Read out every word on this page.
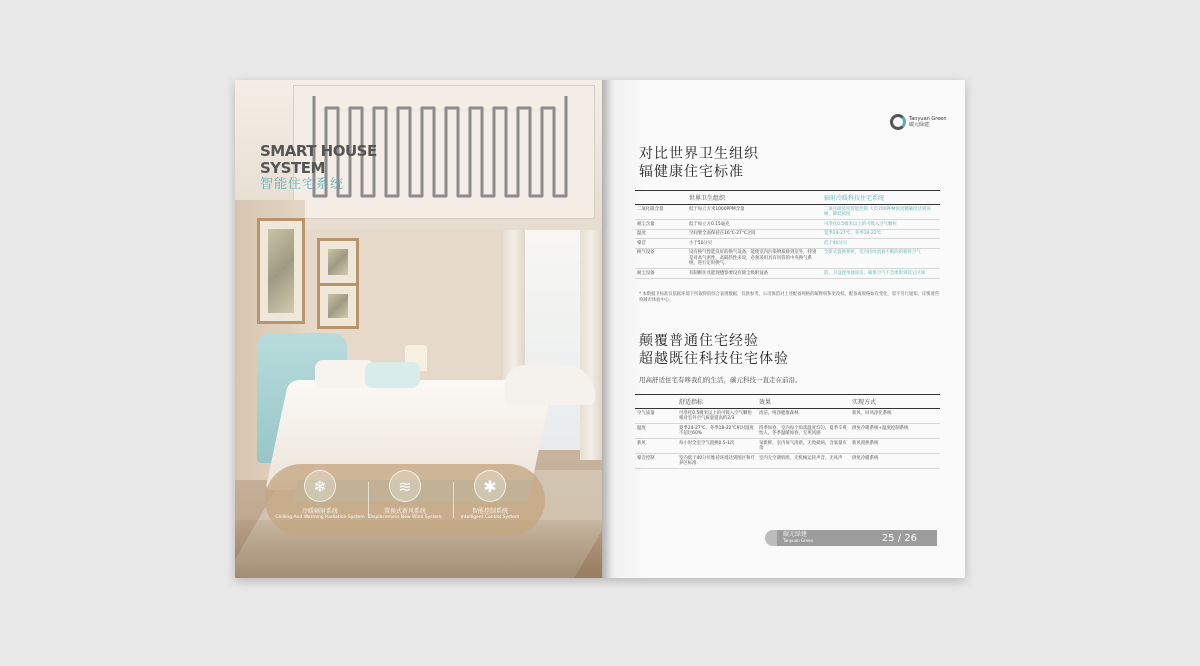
SMART HOUSE
SYSTEM
智能住宅系统
❄
冷暖辐射系统
Chilling And Warming Radiation System
≋
置换式新风系统
Displacement New Wind System
✱
智能控制系统
Intelligent Control System
Tanyuan Green
碳元绿建
对比世界卫生组织
辐健康住宅标准
	世界卫生组织	辐射冷暖科技住宅系统
二氧化碳含量	低于每立方米1000PPM含量	二氧化碳浓度智能控制 大负700PPM浓度精确度达到顶峰，降低浓度
耐尘含量	低于每立方0.15毫克	可净化0.5微米以上的可吸入空气颗粒
温度	空间要全面保持在16℃-27℃之间	夏季24-27℃，冬季18-22℃
噪音	小于50分贝	低于40分贝
换气设备	设有换气性能良好的换气设备，能使室内污染物质排到室外，特别是对高气密性，高隔热性来说，必须采用具有风管的中央换气系统，进行定时换气。	全新式置换系统，室内持续流通不断的的新鲜空气
耐尘设备	有制断住具能现德察要设有除尘吸附设备	防，卫设置单独厚房，确保空气不会流窜到其它区域
* 本数据卫标准仅依据环境下所取得的综合表现数据，仅供参考，公司保留对上述配备规格的解释权和更改权，配备或规格如有变化，恕不另行通知，详情请咨询城市体验中心。
颠覆普通住宅经验
超越既往科技住宅体验
用高舒适住宅有哆我们的生活，碳元科技一直走在前沿。
	舒适指标	效果	实现方式
空气质量	可净化0.5微米以上的可吸入空气颗粒相对室外空气质量提高约2/3	清洁，纯净健康森林	新风，回风净化系统
温度	夏季24-27℃，冬季18-22℃相对湿度不超过60%	四季如春，室内每个角落温度均匀，夏季辛爽怡人，冬季温暖如春，无死风感	供免冷暖系统+温度控制系统
新风	每小时全室空气置换0.5-1次	呆新鲜，室内每气清新，无致损病，含氧量有余	新风置换系统
噪音控制	室内低于40分贝维持环境达到图区和疗养区标准	室内无空调机组，无机械运转声音，无风声	供免冷暖系统
碳元绿建
Tanyuan Green	25 / 26
